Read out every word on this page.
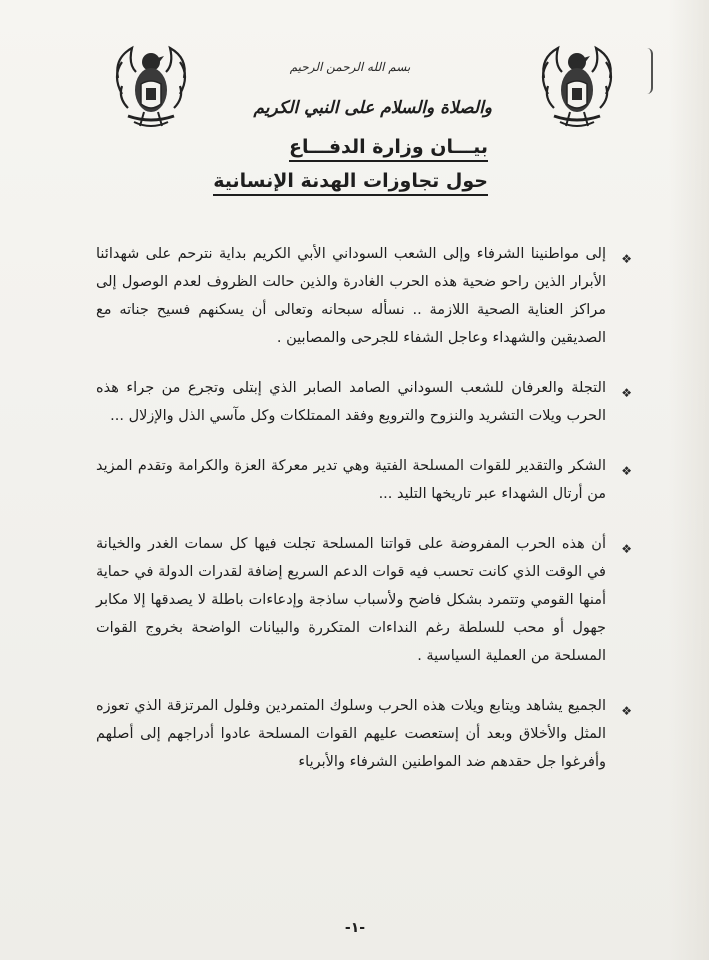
بسم الله الرحمن الرحيم

والصلاة والسلام على النبي الكريم

بيـــان وزارة الدفـــاع

حول تجاوزات الهدنة الإنسانية

❖
إلى مواطنينا الشرفاء وإلى الشعب السوداني الأبي الكريم بداية نترحم على شهدائنا الأبرار الذين راحو ضحية هذه الحرب الغادرة والذين حالت الظروف لعدم الوصول إلى مراكز العناية الصحية اللازمة .. نسأله سبحانه وتعالى أن يسكنهم فسيح جناته مع الصديقين والشهداء وعاجل الشفاء للجرحى والمصابين .
❖
التجلة والعرفان للشعب السوداني الصامد الصابر الذي إبتلى وتجرع من جراء هذه الحرب ويلات التشريد والنزوح والترويع وفقد الممتلكات وكل مآسي الذل والإزلال ...
❖
الشكر والتقدير للقوات المسلحة الفتية وهي تدير معركة العزة والكرامة وتقدم المزيد من أرتال الشهداء عبر تاريخها التليد ...
❖
أن هذه الحرب المفروضة على قواتنا المسلحة تجلت فيها كل سمات الغدر والخيانة في الوقت الذي كانت تحسب فيه قوات الدعم السريع إضافة لقدرات الدولة في حماية أمنها القومي وتتمرد بشكل فاضح ولأسباب ساذجة وإدعاءات باطلة لا يصدقها إلا مكابر جهول أو محب للسلطة رغم النداءات المتكررة والبيانات الواضحة بخروج القوات المسلحة من العملية السياسية .
❖
الجميع يشاهد ويتابع ويلات هذه الحرب وسلوك المتمردين وفلول المرتزقة الذي تعوزه المثل والأخلاق وبعد أن إستعصت عليهم القوات المسلحة عادوا أدراجهم إلى أصلهم وأفرغوا جل حقدهم ضد المواطنين الشرفاء والأبرياء
-١-
